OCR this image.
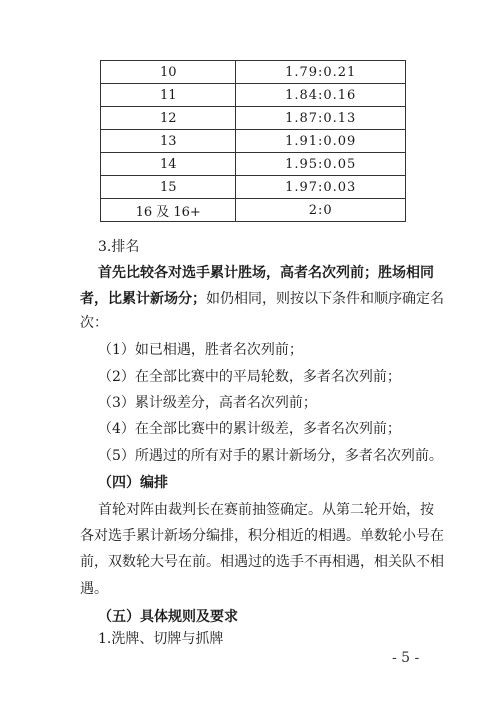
10	1.79:0.21
11	1.84:0.16
12	1.87:0.13
13	1.91:0.09
14	1.95:0.05
15	1.97:0.03
16 及 16+	2:0
3.排名
首先比较各对选手累计胜场，高者名次列前；胜场相同
者，比累计新场分；如仍相同，则按以下条件和顺序确定名
次：
（1）如已相遇，胜者名次列前；
（2）在全部比赛中的平局轮数，多者名次列前；
（3）累计级差分，高者名次列前；
（4）在全部比赛中的累计级差，多者名次列前；
（5）所遇过的所有对手的累计新场分，多者名次列前。
（四）编排
首轮对阵由裁判长在赛前抽签确定。从第二轮开始，按
各对选手累计新场分编排，积分相近的相遇。单数轮小号在
前，双数轮大号在前。相遇过的选手不再相遇，相关队不相
遇。
（五）具体规则及要求
1.洗牌、切牌与抓牌
- 5 -
